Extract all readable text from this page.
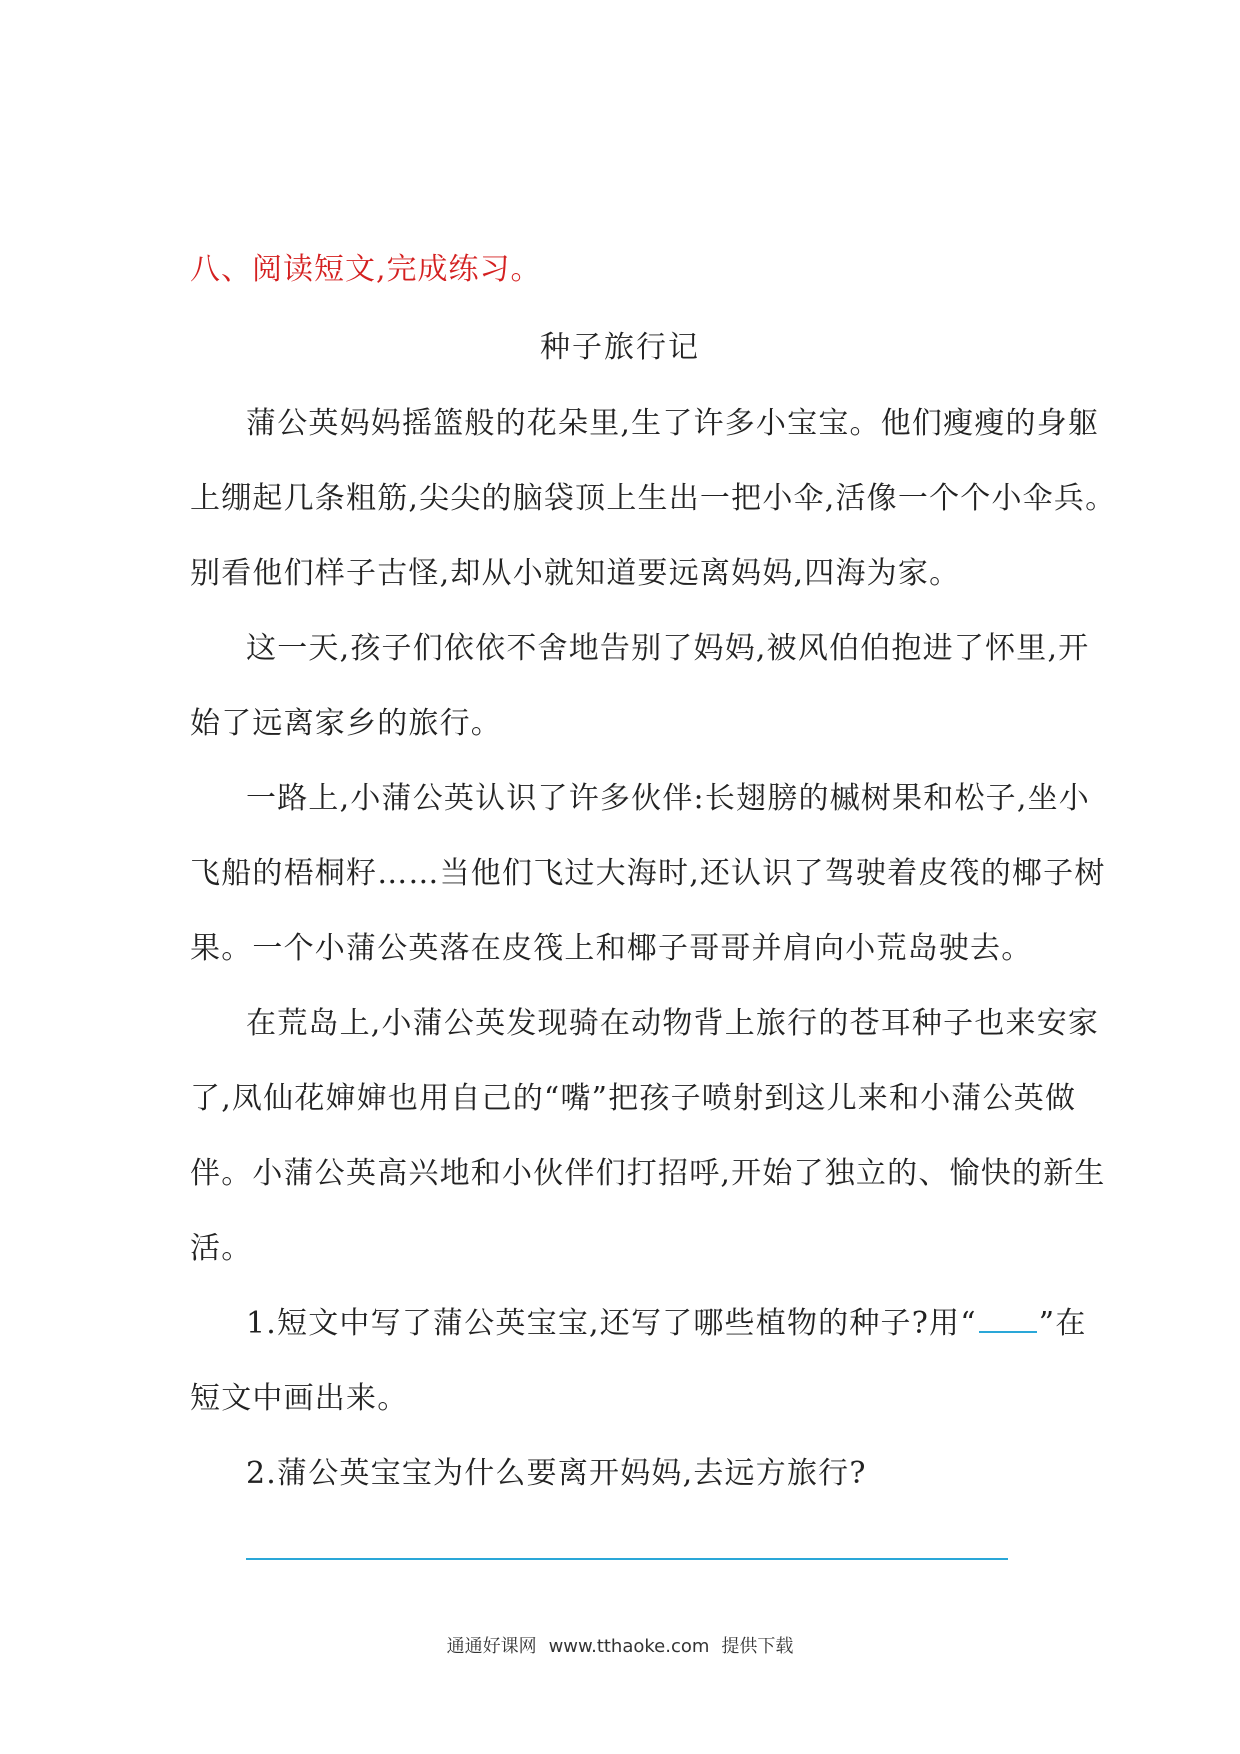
八、阅读短文,完成练习。
种子旅行记
蒲公英妈妈摇篮般的花朵里,生了许多小宝宝。他们瘦瘦的身躯
上绷起几条粗筋,尖尖的脑袋顶上生出一把小伞,活像一个个小伞兵。
别看他们样子古怪,却从小就知道要远离妈妈,四海为家。
这一天,孩子们依依不舍地告别了妈妈,被风伯伯抱进了怀里,开
始了远离家乡的旅行。
一路上,小蒲公英认识了许多伙伴:长翅膀的槭树果和松子,坐小
飞船的梧桐籽……当他们飞过大海时,还认识了驾驶着皮筏的椰子树
果。一个小蒲公英落在皮筏上和椰子哥哥并肩向小荒岛驶去。
在荒岛上,小蒲公英发现骑在动物背上旅行的苍耳种子也来安家
了,凤仙花婶婶也用自己的“嘴”把孩子喷射到这儿来和小蒲公英做
伴。小蒲公英高兴地和小伙伴们打招呼,开始了独立的、愉快的新生
活。
1.短文中写了蒲公英宝宝,还写了哪些植物的种子?用“ ”在
短文中画出来。
2.蒲公英宝宝为什么要离开妈妈,去远方旅行?
通通好课网 www.tthaoke.com 提供下载
